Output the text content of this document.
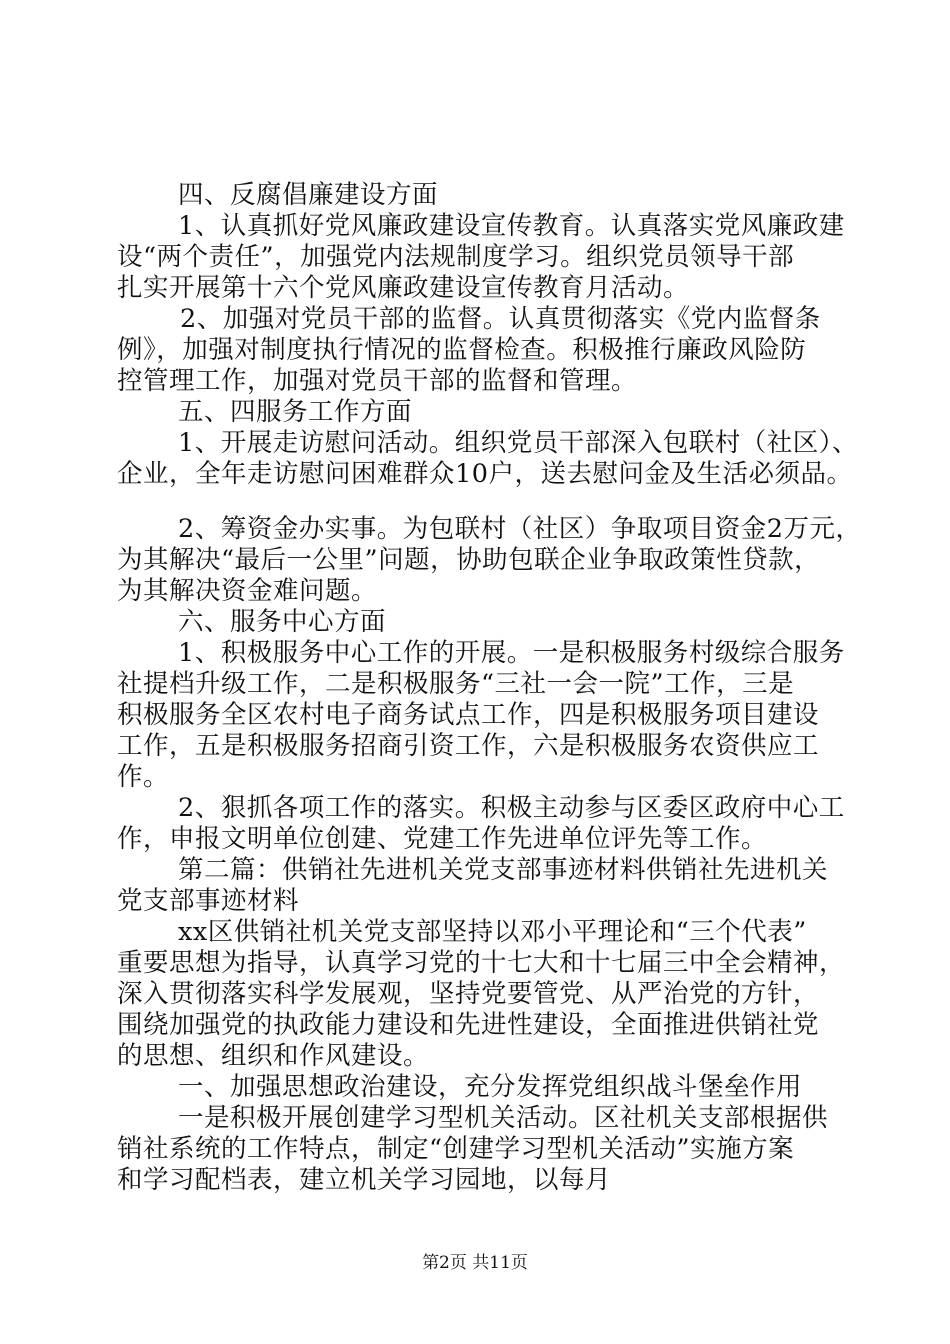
四、反腐倡廉建设方面
1、认真抓好党风廉政建设宣传教育。认真落实党风廉政建
设“两个责任”，加强党内法规制度学习。组织党员领导干部
扎实开展第十六个党风廉政建设宣传教育月活动。
2、加强对党员干部的监督。认真贯彻落实《党内监督条
例》，加强对制度执行情况的监督检查。积极推行廉政风险防
控管理工作，加强对党员干部的监督和管理。
五、四服务工作方面
1、开展走访慰问活动。组织党员干部深入包联村（社区）、
企业，全年走访慰问困难群众10户，送去慰问金及生活必须品。
2、筹资金办实事。为包联村（社区）争取项目资金2万元，
为其解决“最后一公里”问题，协助包联企业争取政策性贷款，
为其解决资金难问题。
六、服务中心方面
1、积极服务中心工作的开展。一是积极服务村级综合服务
社提档升级工作，二是积极服务“三社一会一院”工作，三是
积极服务全区农村电子商务试点工作，四是积极服务项目建设
工作，五是积极服务招商引资工作，六是积极服务农资供应工
作。
2、狠抓各项工作的落实。积极主动参与区委区政府中心工
作，申报文明单位创建、党建工作先进单位评先等工作。
第二篇：供销社先进机关党支部事迹材料供销社先进机关
党支部事迹材料
xx区供销社机关党支部坚持以邓小平理论和“三个代表”
重要思想为指导，认真学习党的十七大和十七届三中全会精神，
深入贯彻落实科学发展观，坚持党要管党、从严治党的方针，
围绕加强党的执政能力建设和先进性建设，全面推进供销社党
的思想、组织和作风建设。
一、加强思想政治建设，充分发挥党组织战斗堡垒作用
一是积极开展创建学习型机关活动。区社机关支部根据供
销社系统的工作特点，制定“创建学习型机关活动”实施方案
和学习配档表，建立机关学习园地，以每月
第2页 共11页
